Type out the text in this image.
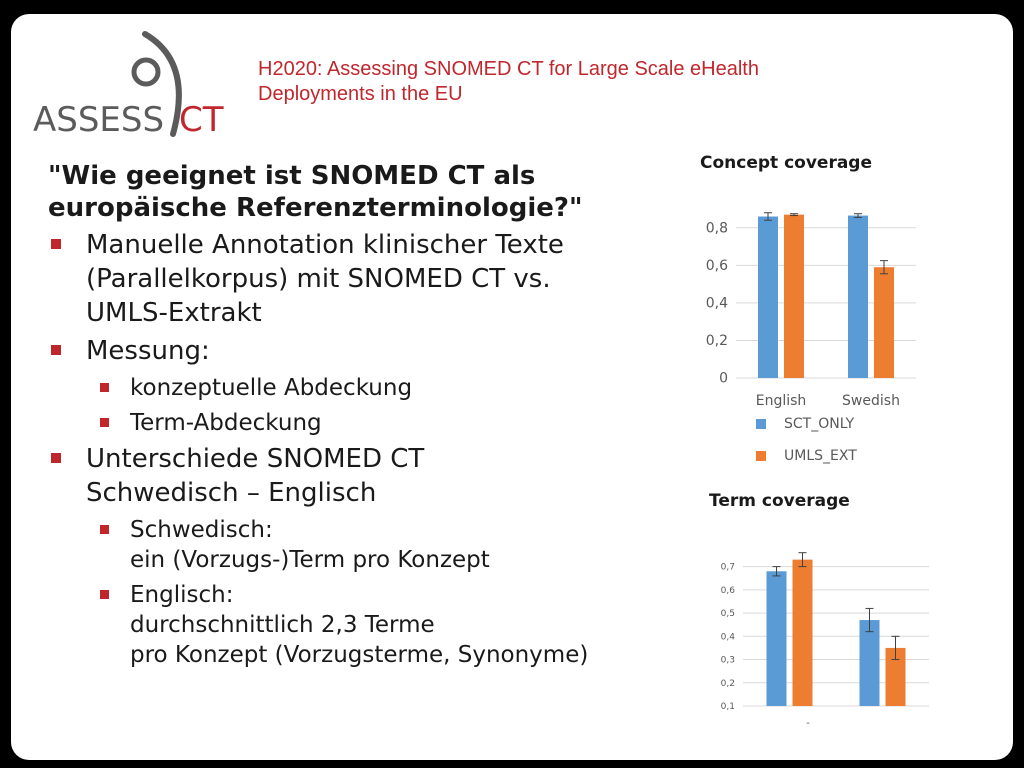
ASSESS CT
H2020: Assessing SNOMED CT for Large Scale eHealth
Deployments in the EU
"Wie geeignet ist SNOMED CT als
europäische Referenzterminologie?"
Manuelle Annotation klinischer Texte
(Parallelkorpus) mit SNOMED CT vs.
UMLS-Extrakt
Messung:
konzeptuelle Abdeckung
Term-Abdeckung
Unterschiede SNOMED CT
Schwedisch – Englisch
Schwedisch:
ein (Vorzugs-)Term pro Konzept
Englisch:
durchschnittlich 2,3 Terme
pro Konzept (Vorzugsterme, Synonyme)
Concept coverage
0
0,2
0,4
0,6
0,8
English	Swedish
SCT_ONLY
UMLS_EXT
Term coverage
0,1
0,2
0,3
0,4
0,5
0,6
0,7
-
